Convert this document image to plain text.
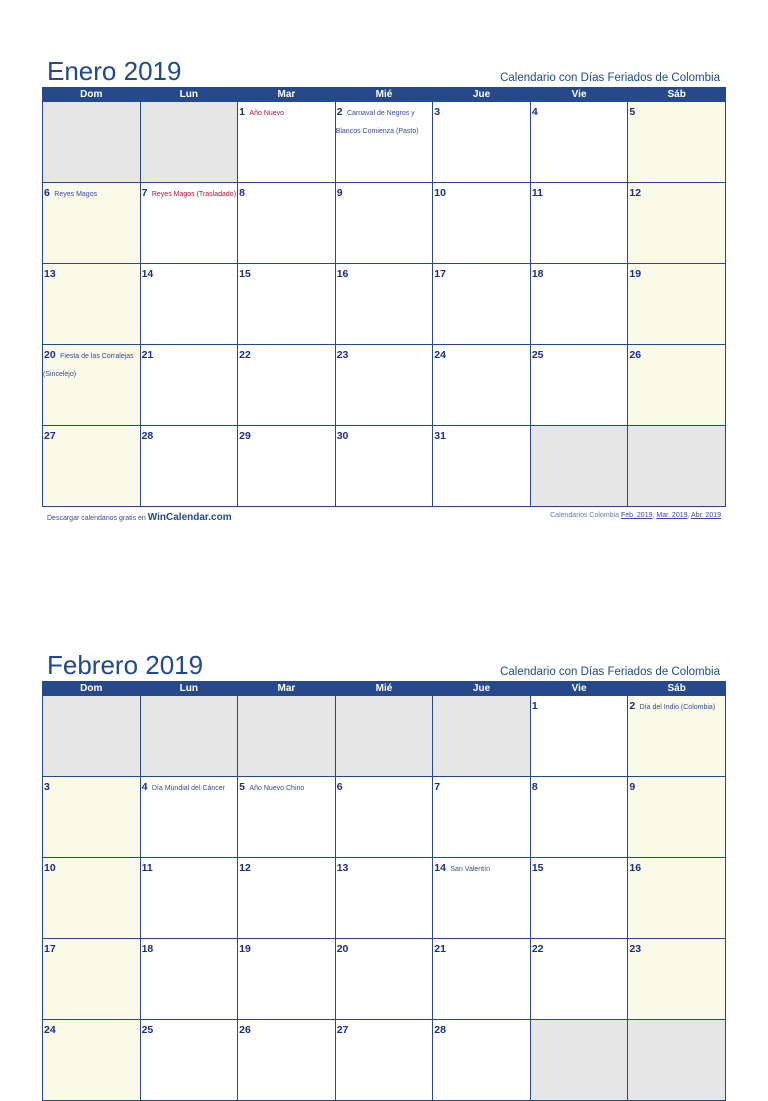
Enero 2019	Calendario con Días Feriados de Colombia
Dom	Lun	Mar	Mié	Jue	Vie	Sáb
		1 Año Nuevo	2 Carnaval de Negros y Blancos Comienza (Pasto)	3	4	5
6 Reyes Magos	7 Reyes Magos (Trasladado)	8	9	10	11	12
13	14	15	16	17	18	19
20 Fiesta de las Corralejas (Sincelejo)	21	22	23	24	25	26
27	28	29	30	31		
Descargar calendarios gratis en WinCalendar.com	Calendarios Colombia Feb. 2019, Mar. 2019, Abr. 2019
Febrero 2019	Calendario con Días Feriados de Colombia
Dom	Lun	Mar	Mié	Jue	Vie	Sáb
					1	2 Día del Indio (Colombia)
3	4 Día Mundial del Cáncer	5 Año Nuevo Chino	6	7	8	9
10	11	12	13	14 San Valentín	15	16
17	18	19	20	21	22	23
24	25	26	27	28		
